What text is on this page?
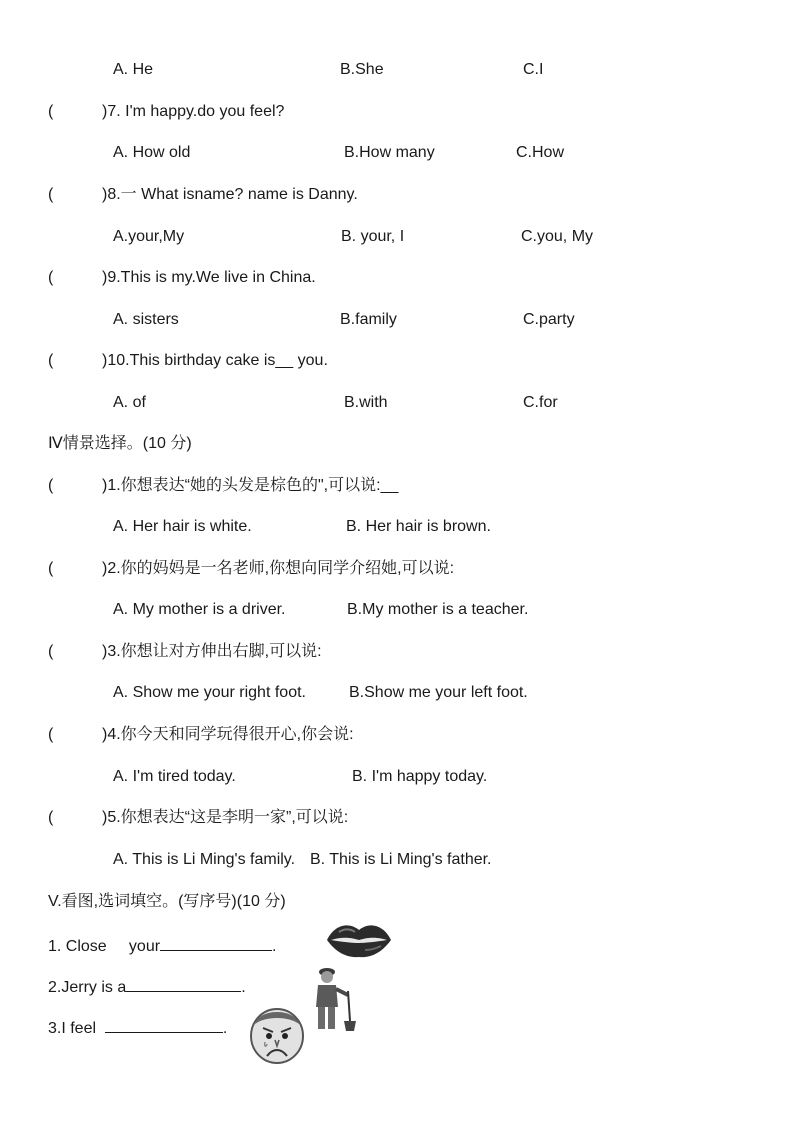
A. He	B.She	C.I
(	)7. I'm happy.do you feel?
A. How old	B.How many	C.How
(	)8.一 What isname? name is Danny.
A.your,My	B. your, I	C.you, My
(	)9.This is my.We live in China.
A. sisters	B.family	C.party
(	)10.This birthday cake is__ you.
A. of	B.with	C.for
Ⅳ情景选择。(10 分)
(	)1.你想表达“她的头发是棕色的",可以说:__
A. Her hair is white.	B. Her hair is brown.
(	)2.你的妈妈是一名老师,你想向同学介绍她,可以说:
A. My mother is a driver.	B.My mother is a teacher.
(	)3.你想让对方伸出右脚,可以说:
A. Show me your right foot.	B.Show me your left foot.
(	)4.你今天和同学玩得很开心,你会说:
A. I'm tired today.	B. I'm happy today.
(	)5.你想表达“这是李明一家”,可以说:
A. This is Li Ming's family. B. This is Li Ming's father.
V.看图,选词填空。(写序号)(10 分)
1. Close     your	.
2.Jerry is a	.
3.I feel	.
